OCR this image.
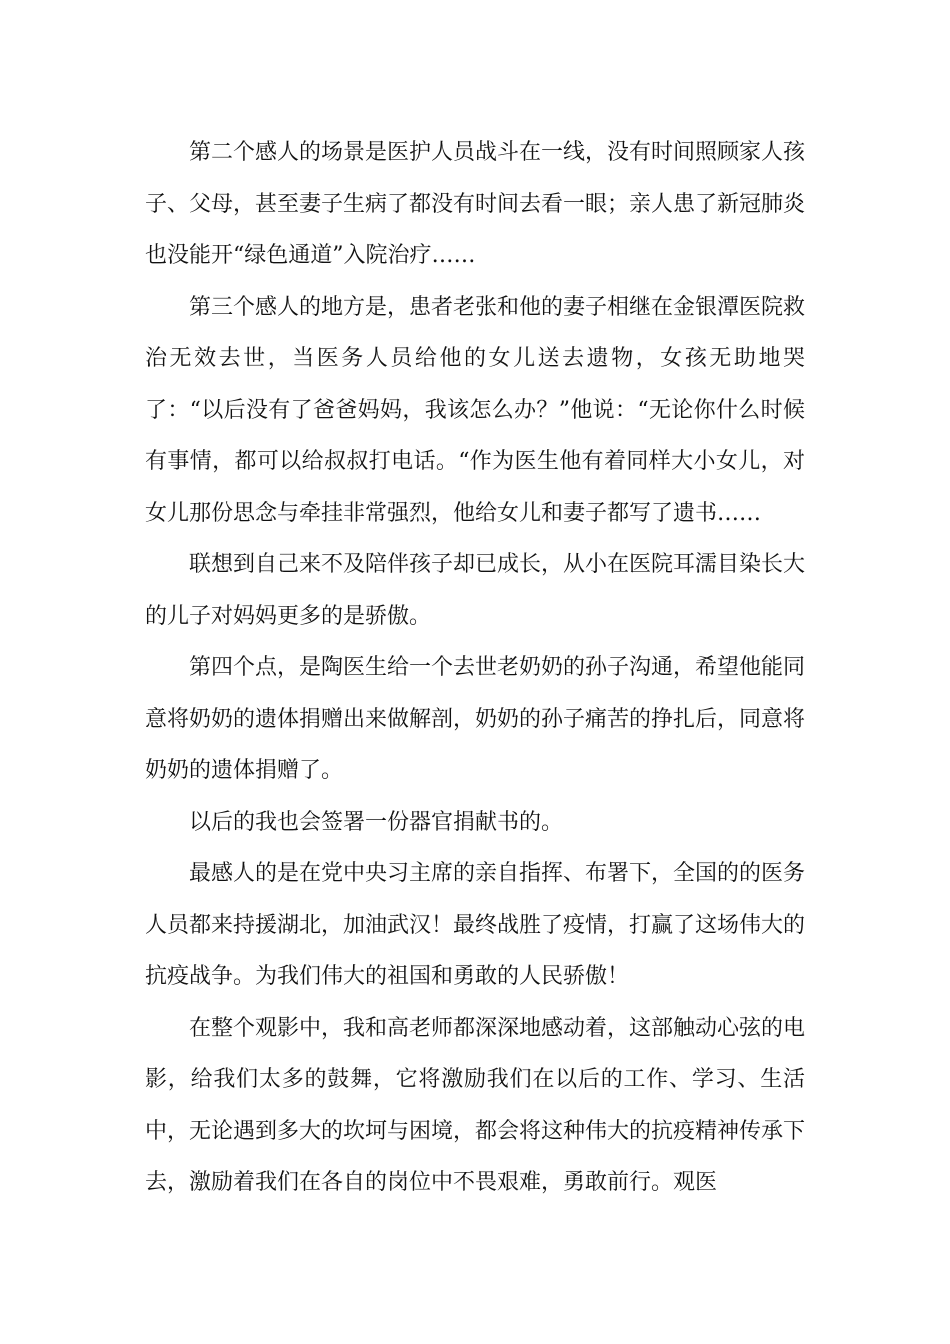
第二个感人的场景是医护人员战斗在一线，没有时间照顾家人孩子、父母，甚至妻子生病了都没有时间去看一眼；亲人患了新冠肺炎也没能开“绿色通道”入院治疗……

第三个感人的地方是，患者老张和他的妻子相继在金银潭医院救治无效去世，当医务人员给他的女儿送去遗物，女孩无助地哭了：“以后没有了爸爸妈妈，我该怎么办？”他说：“无论你什么时候有事情，都可以给叔叔打电话。“作为医生他有着同样大小女儿，对女儿那份思念与牵挂非常强烈，他给女儿和妻子都写了遗书……

联想到自己来不及陪伴孩子却已成长，从小在医院耳濡目染长大的儿子对妈妈更多的是骄傲。

第四个点，是陶医生给一个去世老奶奶的孙子沟通，希望他能同意将奶奶的遗体捐赠出来做解剖，奶奶的孙子痛苦的挣扎后，同意将奶奶的遗体捐赠了。

以后的我也会签署一份器官捐献书的。

最感人的是在党中央习主席的亲自指挥、布署下，全国的的医务人员都来持援湖北，加油武汉！最终战胜了疫情，打赢了这场伟大的抗疫战争。为我们伟大的祖国和勇敢的人民骄傲！

在整个观影中，我和高老师都深深地感动着，这部触动心弦的电影，给我们太多的鼓舞，它将激励我们在以后的工作、学习、生活中，无论遇到多大的坎坷与困境，都会将这种伟大的抗疫精神传承下去，激励着我们在各自的岗位中不畏艰难，勇敢前行。观医
